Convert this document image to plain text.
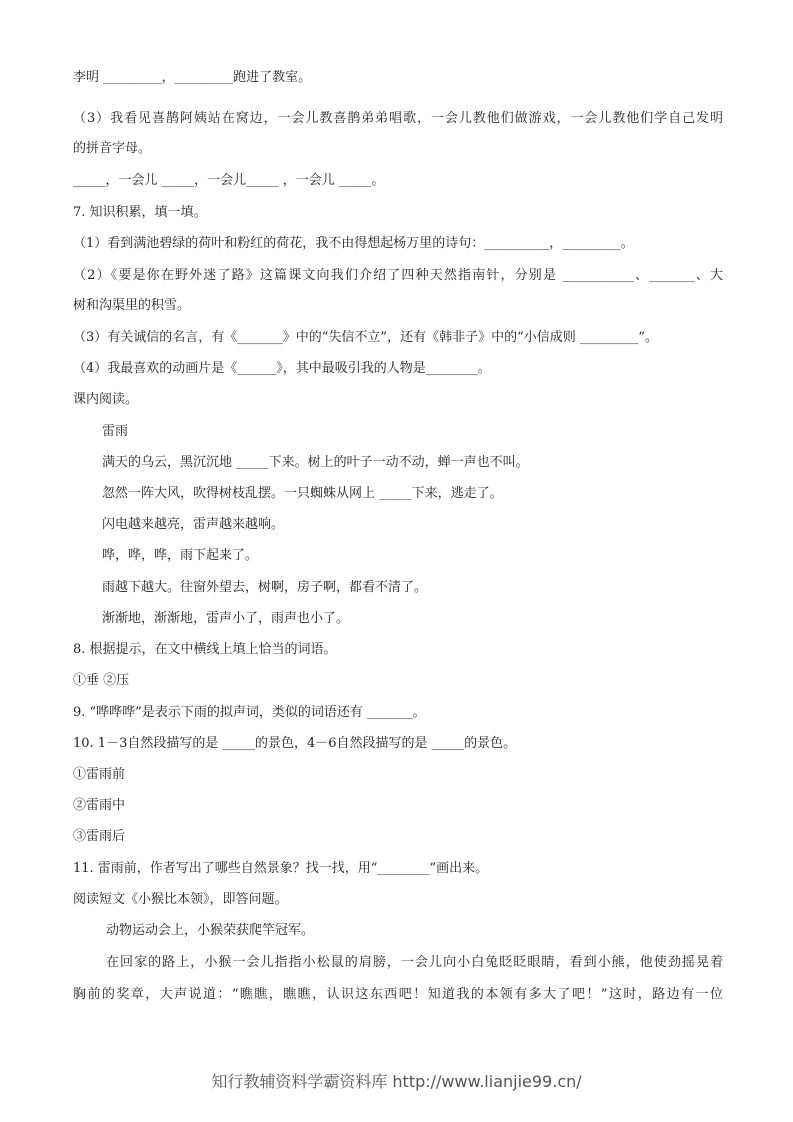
李明 _________，_________跑进了教室。
（3）我看见喜鹊阿姨站在窝边，一会儿教喜鹊弟弟唱歌，一会儿教他们做游戏，一会儿教他们学自己发明
的拼音字母。
_____，一会儿 _____，一会儿_____ ，一会儿 _____。
7. 知识积累，填一填。
（1）看到满池碧绿的荷叶和粉红的荷花，我不由得想起杨万里的诗句：__________，_________。
（2）《要是你在野外迷了路》这篇课文向我们介绍了四种天然指南针，分别是 ___________、_______、大
树和沟渠里的积雪。
（3）有关诚信的名言，有《_______》中的“失信不立”，还有《韩非子》中的“小信成则 _________”。
（4）我最喜欢的动画片是《______》，其中最吸引我的人物是________。
课内阅读。
雷雨
满天的乌云，黑沉沉地 _____下来。树上的叶子一动不动，蝉一声也不叫。
忽然一阵大风，吹得树枝乱摆。一只蜘蛛从网上 _____下来，逃走了。
闪电越来越亮，雷声越来越响。
哗，哗，哗，雨下起来了。
雨越下越大。往窗外望去，树啊，房子啊，都看不清了。
渐渐地，渐渐地，雷声小了，雨声也小了。
8. 根据提示，在文中横线上填上恰当的词语。
①垂 ②压
9. “哗哗哗”是表示下雨的拟声词，类似的词语还有 _______。
10. 1－3自然段描写的是 _____的景色，4－6自然段描写的是 _____的景色。
①雷雨前
②雷雨中
③雷雨后
11. 雷雨前，作者写出了哪些自然景象？找一找，用“________”画出来。
阅读短文《小猴比本领》，即答问题。
动物运动会上，小猴荣获爬竿冠军。
在回家的路上，小猴一会儿指指小松鼠的肩膀，一会儿向小白兔眨眨眼睛，看到小熊，他使劲摇晃着
胸前的奖章，大声说道：“瞧瞧，瞧瞧，认识这东西吧！知道我的本领有多大了吧！”这时，路边有一位
知行教辅资料学霸资料库 http://www.lianjie99.cn/
